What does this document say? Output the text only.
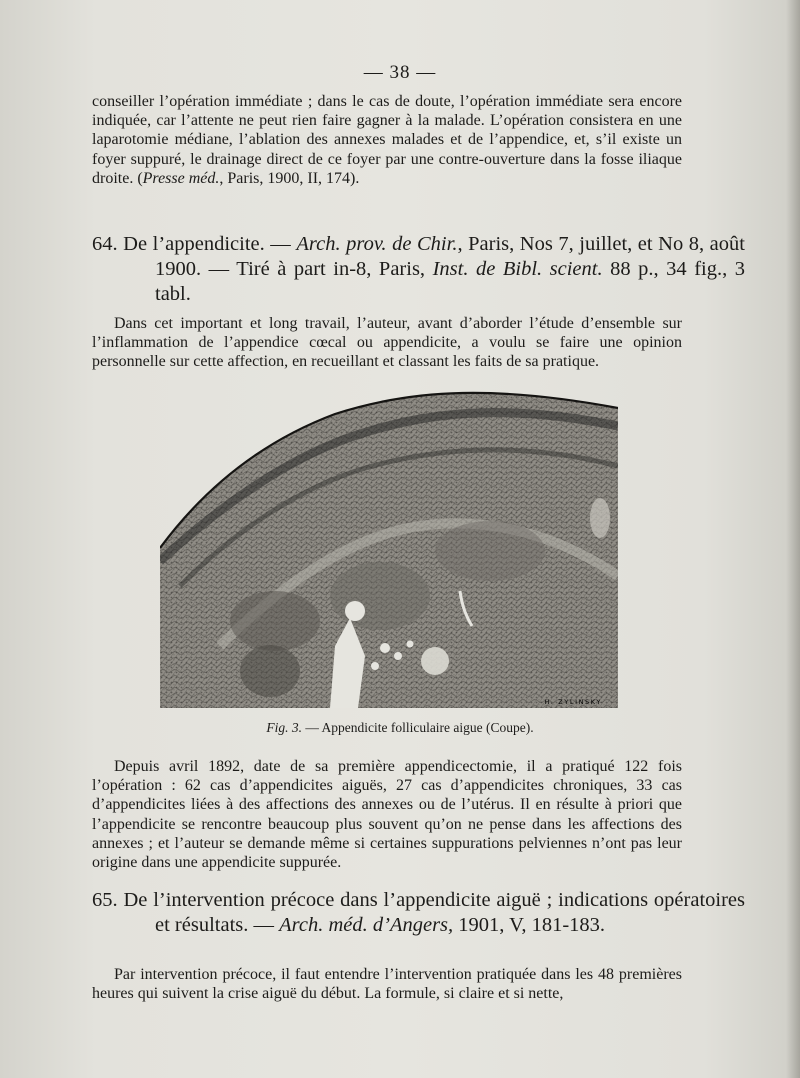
— 38 —

conseiller l’opération immédiate ; dans le cas de doute, l’opération immédiate sera encore indiquée, car l’attente ne peut rien faire gagner à la malade. L’opération consistera en une laparotomie médiane, l’ablation des annexes malades et de l’appendice, et, s’il existe un foyer suppuré, le drainage direct de ce foyer par une contre-ouverture dans la fosse iliaque droite. (Presse méd., Paris, 1900, II, 174).

64. De l’appendicite. — Arch. prov. de Chir., Paris, Nos 7, juillet, et No 8, août 1900. — Tiré à part in-8, Paris, Inst. de Bibl. scient. 88 p., 34 fig., 3 tabl.

Dans cet important et long travail, l’auteur, avant d’aborder l’étude d’ensemble sur l’inflammation de l’appendice cœcal ou appendicite, a voulu se faire une opinion personnelle sur cette affection, en recueillant et classant les faits de sa pratique.

H. ZYLINSKY
Fig. 3. — Appendicite folliculaire aigue (Coupe).

Depuis avril 1892, date de sa première appendicectomie, il a pratiqué 122 fois l’opération : 62 cas d’appendicites aiguës, 27 cas d’appendicites chroniques, 33 cas d’appendicites liées à des affections des annexes ou de l’utérus. Il en résulte à priori que l’appendicite se rencontre beaucoup plus souvent qu’on ne pense dans les affections des annexes ; et l’auteur se demande même si certaines suppurations pelviennes n’ont pas leur origine dans une appendicite suppurée.

65. De l’intervention précoce dans l’appendicite aiguë ; indications opératoires et résultats. — Arch. méd. d’Angers, 1901, V, 181-183.

Par intervention précoce, il faut entendre l’intervention pratiquée dans les 48 premières heures qui suivent la crise aiguë du début. La formule, si claire et si nette,
